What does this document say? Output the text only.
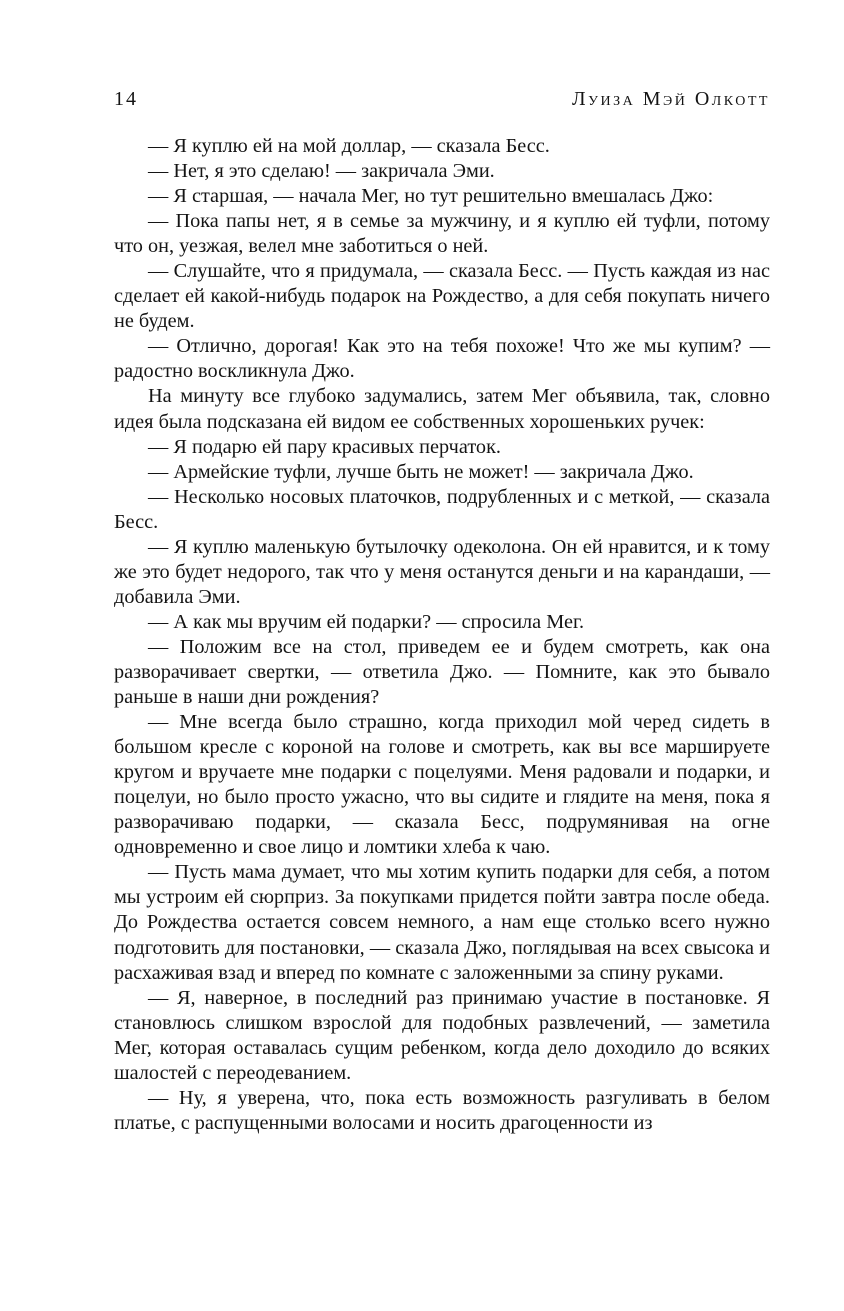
14	Луиза Мэй Олкотт

— Я куплю ей на мой доллар, — сказала Бесс.

— Нет, я это сделаю! — закричала Эми.

— Я старшая, — начала Мег, но тут решительно вмешалась Джо:

— Пока папы нет, я в семье за мужчину, и я куплю ей туфли, потому что он, уезжая, велел мне заботиться о ней.

— Слушайте, что я придумала, — сказала Бесс. — Пусть каждая из нас сделает ей какой-нибудь подарок на Рождество, а для себя покупать ничего не будем.

— Отлично, дорогая! Как это на тебя похоже! Что же мы купим? — радостно воскликнула Джо.

На минуту все глубоко задумались, затем Мег объявила, так, словно идея была подсказана ей видом ее собственных хорошеньких ручек:

— Я подарю ей пару красивых перчаток.

— Армейские туфли, лучше быть не может! — закричала Джо.

— Несколько носовых платочков, подрубленных и с меткой, — сказала Бесс.

— Я куплю маленькую бутылочку одеколона. Он ей нравится, и к тому же это будет недорого, так что у меня останутся деньги и на карандаши, — добавила Эми.

— А как мы вручим ей подарки? — спросила Мег.

— Положим все на стол, приведем ее и будем смотреть, как она разворачивает свертки, — ответила Джо. — Помните, как это бывало раньше в наши дни рождения?

— Мне всегда было страшно, когда приходил мой черед сидеть в большом кресле с короной на голове и смотреть, как вы все маршируете кругом и вручаете мне подарки с поцелуями. Меня радовали и подарки, и поцелуи, но было просто ужасно, что вы сидите и глядите на меня, пока я разворачиваю подарки, — сказала Бесс, подрумянивая на огне одновременно и свое лицо и ломтики хлеба к чаю.

— Пусть мама думает, что мы хотим купить подарки для себя, а потом мы устроим ей сюрприз. За покупками придется пойти завтра после обеда. До Рождества остается совсем немного, а нам еще столько всего нужно подготовить для постановки, — сказала Джо, поглядывая на всех свысока и расхаживая взад и вперед по комнате с заложенными за спину руками.

— Я, наверное, в последний раз принимаю участие в постановке. Я становлюсь слишком взрослой для подобных развлечений, — заметила Мег, которая оставалась сущим ребенком, когда дело доходило до всяких шалостей с переодеванием.

— Ну, я уверена, что, пока есть возможность разгуливать в белом платье, с распущенными волосами и носить драгоценности из
